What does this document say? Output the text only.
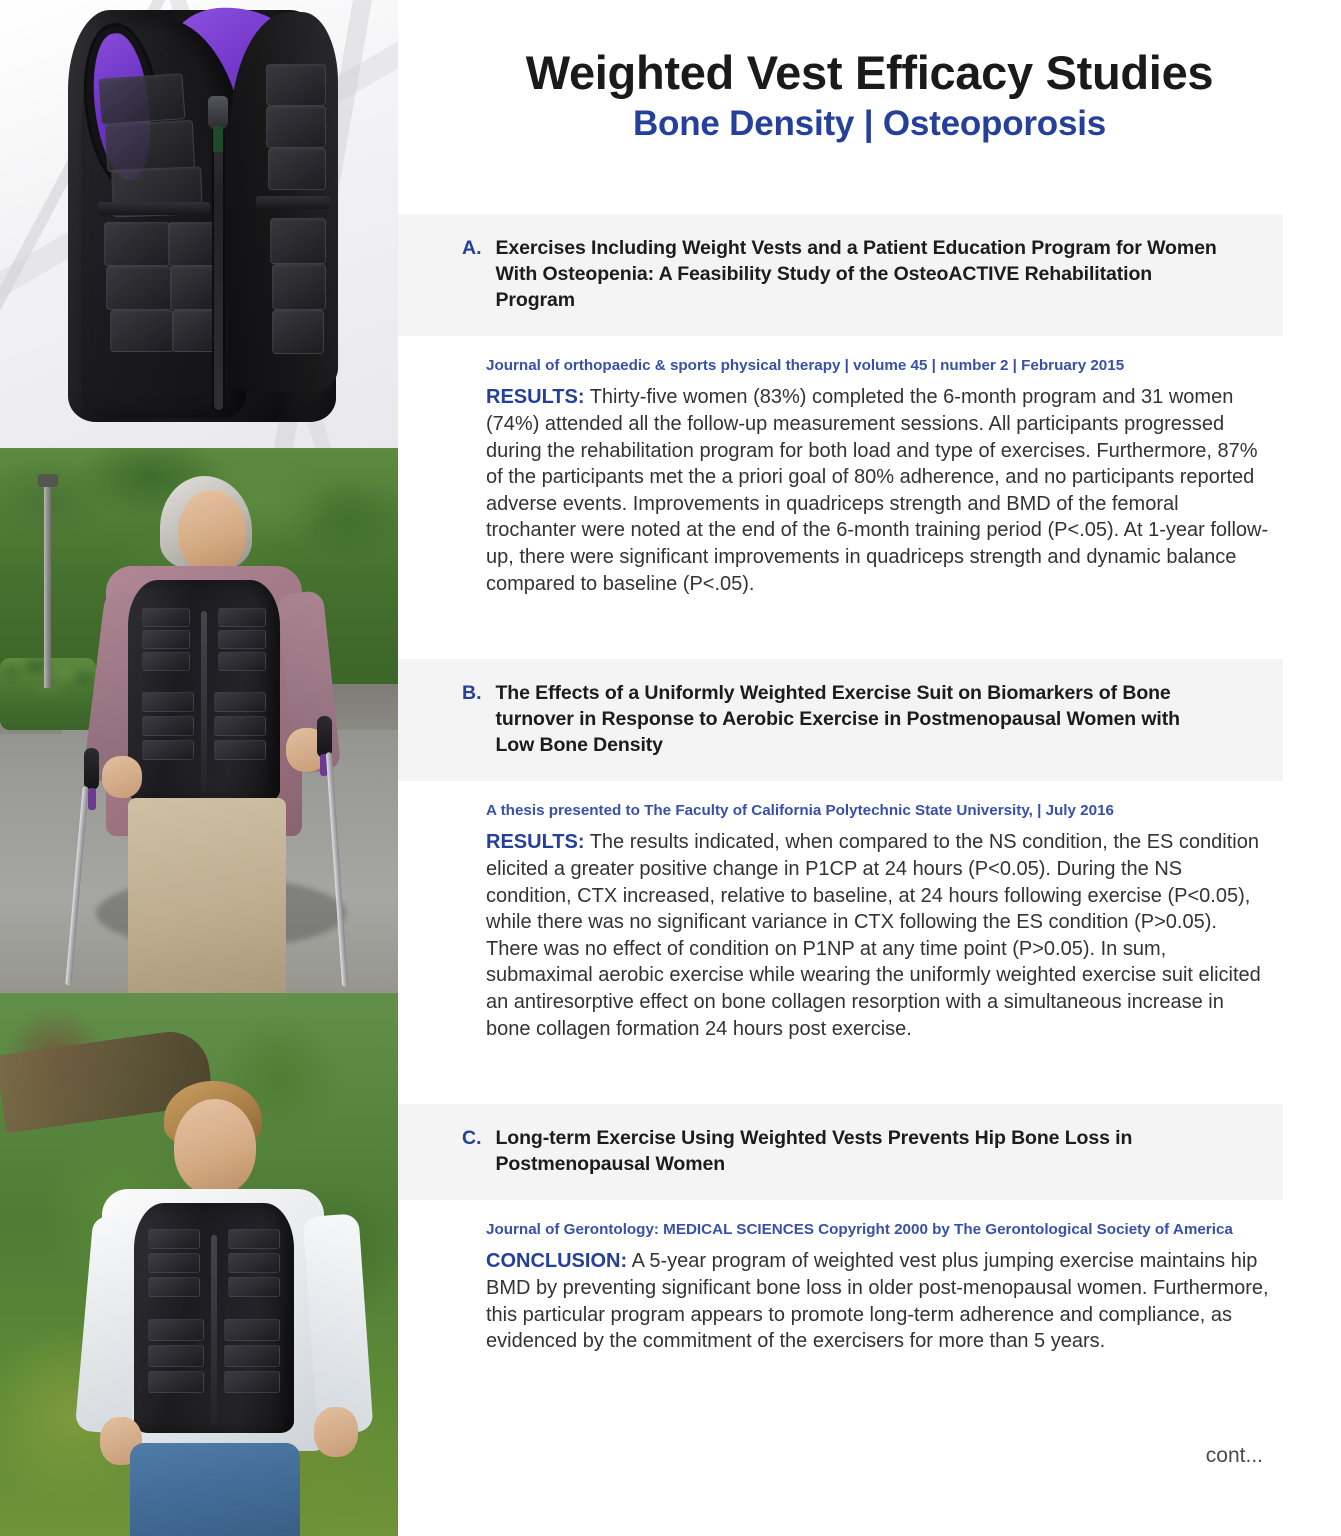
Weighted Vest Efficacy Studies
Bone Density | Osteoporosis
A. Exercises Including Weight Vests and a Patient Education Program for Women With Osteopenia: A Feasibility Study of the OsteoACTIVE Rehabilitation Program

Journal of orthopaedic & sports physical therapy | volume 45 | number 2 | February 2015

RESULTS: Thirty-five women (83%) completed the 6-month program and 31 women (74%) attended all the follow-up measurement sessions. All participants progressed during the rehabilitation program for both load and type of exercises. Furthermore, 87% of the participants met the a priori goal of 80% adherence, and no participants reported adverse events. Improvements in quadriceps strength and BMD of the femoral trochanter were noted at the end of the 6-month training period (P<.05). At 1-year follow-up, there were significant improvements in quadriceps strength and dynamic balance compared to baseline (P<.05).

B. The Effects of a Uniformly Weighted Exercise Suit on Biomarkers of Bone turnover in Response to Aerobic Exercise in Postmenopausal Women with Low Bone Density

A thesis presented to The Faculty of California Polytechnic State University, | July 2016

RESULTS: The results indicated, when compared to the NS condition, the ES condition elicited a greater positive change in P1CP at 24 hours (P<0.05). During the NS condition, CTX increased, relative to baseline, at 24 hours following exercise (P<0.05), while there was no significant variance in CTX following the ES condition (P>0.05). There was no effect of condition on P1NP at any time point (P>0.05). In sum, submaximal aerobic exercise while wearing the uniformly weighted exercise suit elicited an antiresorptive effect on bone collagen resorption with a simultaneous increase in bone collagen formation 24 hours post exercise.

C. Long-term Exercise Using Weighted Vests Prevents Hip Bone Loss in Postmenopausal Women

Journal of Gerontology: MEDICAL SCIENCES Copyright 2000 by The Gerontological Society of America

CONCLUSION: A 5-year program of weighted vest plus jumping exercise maintains hip BMD by preventing significant bone loss in older post-menopausal women. Furthermore, this particular program appears to promote long-term adherence and compliance, as evidenced by the commitment of the exercisers for more than 5 years.

cont...
